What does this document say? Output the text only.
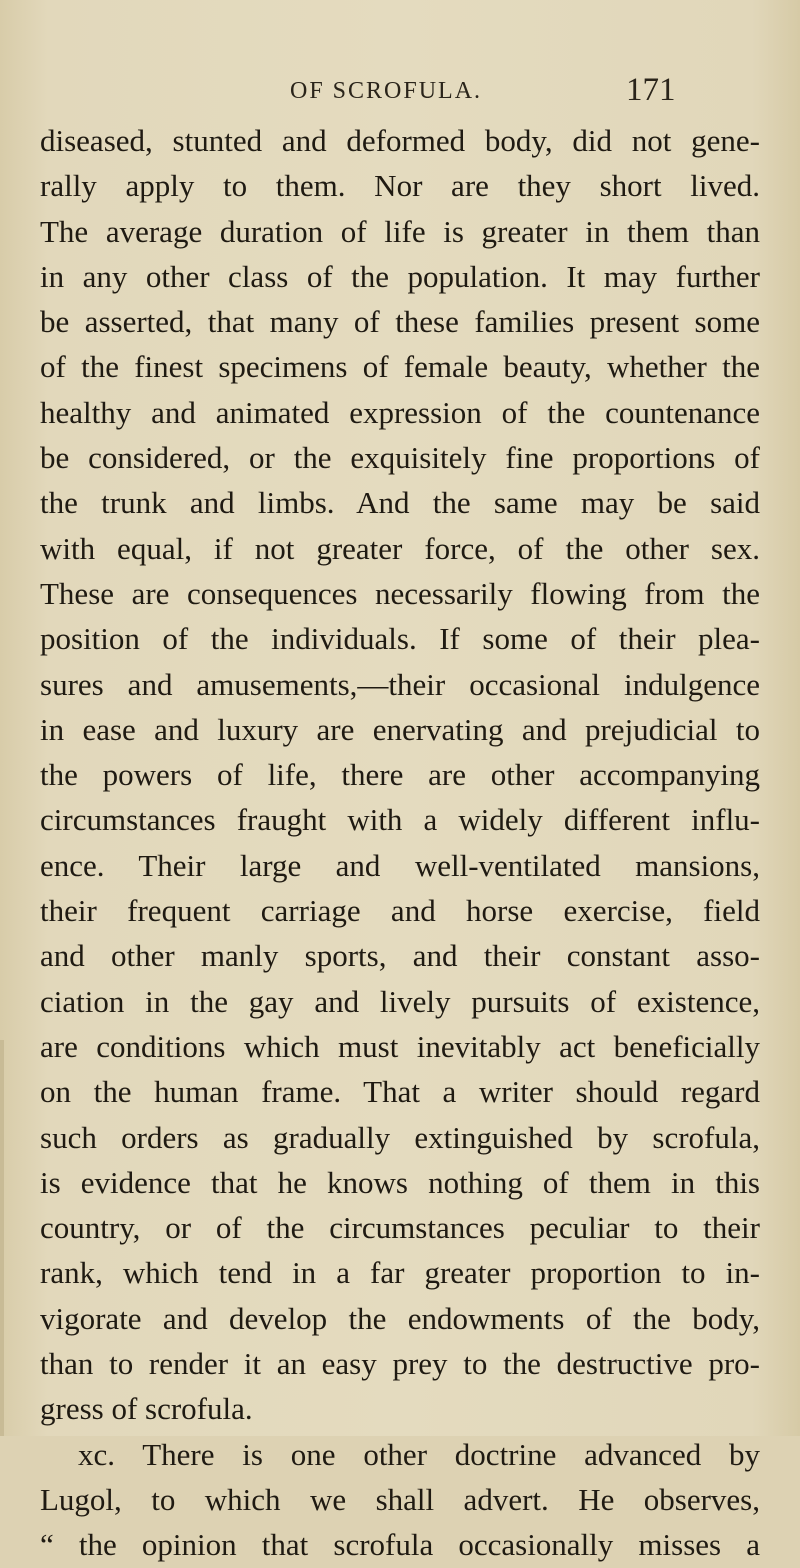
OF SCROFULA.	171
diseased, stunted and deformed body, did not gene-
rally apply to them. Nor are they short lived.
The average duration of life is greater in them than
in any other class of the population. It may further
be asserted, that many of these families present some
of the finest specimens of female beauty, whether the
healthy and animated expression of the countenance
be considered, or the exquisitely fine proportions of
the trunk and limbs. And the same may be said
with equal, if not greater force, of the other sex.
These are consequences necessarily flowing from the
position of the individuals. If some of their plea-
sures and amusements,—their occasional indulgence
in ease and luxury are enervating and prejudicial to
the powers of life, there are other accompanying
circumstances fraught with a widely different influ-
ence. Their large and well-ventilated mansions,
their frequent carriage and horse exercise, field
and other manly sports, and their constant asso-
ciation in the gay and lively pursuits of existence,
are conditions which must inevitably act beneficially
on the human frame. That a writer should regard
such orders as gradually extinguished by scrofula,
is evidence that he knows nothing of them in this
country, or of the circumstances peculiar to their
rank, which tend in a far greater proportion to in-
vigorate and develop the endowments of the body,
than to render it an easy prey to the destructive pro-
gress of scrofula.
xc. There is one other doctrine advanced by
Lugol, to which we shall advert. He observes,
“ the opinion that scrofula occasionally misses a
